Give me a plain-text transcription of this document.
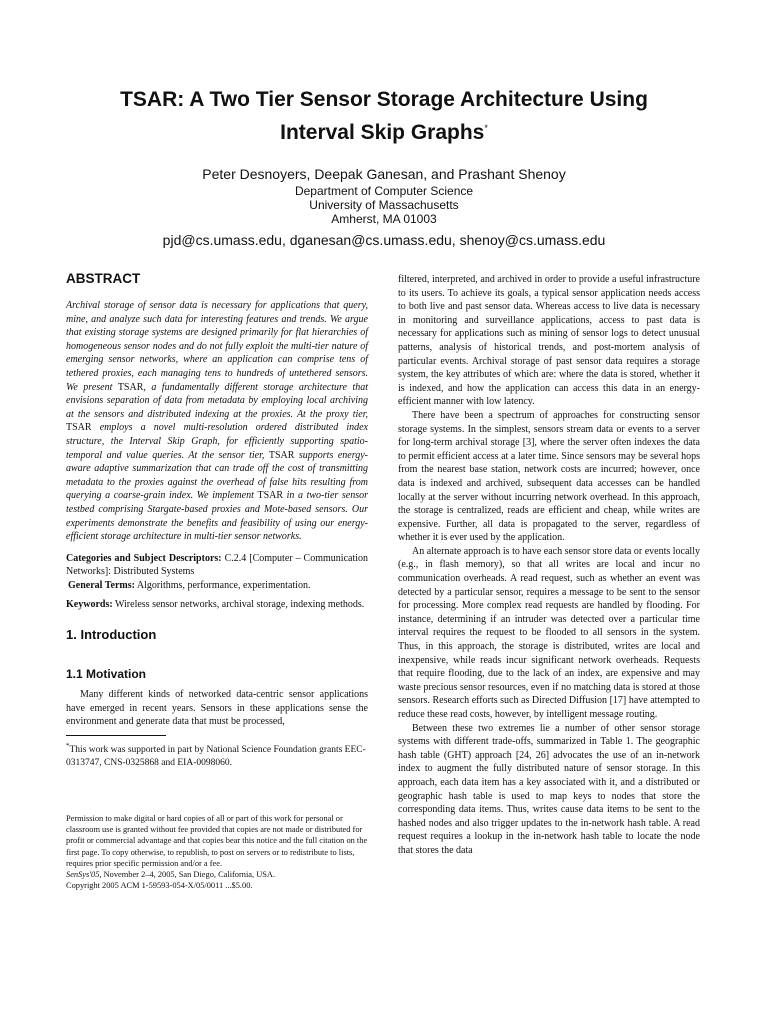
TSAR: A Two Tier Sensor Storage Architecture Using
Interval Skip Graphs*
Peter Desnoyers, Deepak Ganesan, and Prashant Shenoy
Department of Computer Science
University of Massachusetts
Amherst, MA 01003
pjd@cs.umass.edu, dganesan@cs.umass.edu, shenoy@cs.umass.edu
ABSTRACT

Archival storage of sensor data is necessary for applications that query, mine, and analyze such data for interesting features and trends. We argue that existing storage systems are designed primarily for flat hierarchies of homogeneous sensor nodes and do not fully exploit the multi-tier nature of emerging sensor networks, where an application can comprise tens of tethered proxies, each managing tens to hundreds of untethered sensors. We present TSAR, a fundamentally different storage architecture that envisions separation of data from metadata by employing local archiving at the sensors and distributed indexing at the proxies. At the proxy tier, TSAR employs a novel multi-resolution ordered distributed index structure, the Interval Skip Graph, for efficiently supporting spatio-temporal and value queries. At the sensor tier, TSAR supports energy-aware adaptive summarization that can trade off the cost of transmitting metadata to the proxies against the overhead of false hits resulting from querying a coarse-grain index. We implement TSAR in a two-tier sensor testbed comprising Stargate-based proxies and Mote-based sensors. Our experiments demonstrate the benefits and feasibility of using our energy-efficient storage architecture in multi-tier sensor networks.

Categories and Subject Descriptors: C.2.4 [Computer – Communication Networks]: Distributed Systems

General Terms: Algorithms, performance, experimentation.

Keywords: Wireless sensor networks, archival storage, indexing methods.

1. Introduction
1.1 Motivation

Many different kinds of networked data-centric sensor applications have emerged in recent years. Sensors in these applications sense the environment and generate data that must be processed,

*This work was supported in part by National Science Foundation grants EEC-0313747, CNS-0325868 and EIA-0098060.

Permission to make digital or hard copies of all or part of this work for personal or classroom use is granted without fee provided that copies are not made or distributed for profit or commercial advantage and that copies bear this notice and the full citation on the first page. To copy otherwise, to republish, to post on servers or to redistribute to lists, requires prior specific permission and/or a fee.
SenSys'05, November 2–4, 2005, San Diego, California, USA.
Copyright 2005 ACM 1-59593-054-X/05/0011 ...$5.00.

filtered, interpreted, and archived in order to provide a useful infrastructure to its users. To achieve its goals, a typical sensor application needs access to both live and past sensor data. Whereas access to live data is necessary in monitoring and surveillance applications, access to past data is necessary for applications such as mining of sensor logs to detect unusual patterns, analysis of historical trends, and post-mortem analysis of particular events. Archival storage of past sensor data requires a storage system, the key attributes of which are: where the data is stored, whether it is indexed, and how the application can access this data in an energy-efficient manner with low latency.

There have been a spectrum of approaches for constructing sensor storage systems. In the simplest, sensors stream data or events to a server for long-term archival storage [3], where the server often indexes the data to permit efficient access at a later time. Since sensors may be several hops from the nearest base station, network costs are incurred; however, once data is indexed and archived, subsequent data accesses can be handled locally at the server without incurring network overhead. In this approach, the storage is centralized, reads are efficient and cheap, while writes are expensive. Further, all data is propagated to the server, regardless of whether it is ever used by the application.

An alternate approach is to have each sensor store data or events locally (e.g., in flash memory), so that all writes are local and incur no communication overheads. A read request, such as whether an event was detected by a particular sensor, requires a message to be sent to the sensor for processing. More complex read requests are handled by flooding. For instance, determining if an intruder was detected over a particular time interval requires the request to be flooded to all sensors in the system. Thus, in this approach, the storage is distributed, writes are local and inexpensive, while reads incur significant network overheads. Requests that require flooding, due to the lack of an index, are expensive and may waste precious sensor resources, even if no matching data is stored at those sensors. Research efforts such as Directed Diffusion [17] have attempted to reduce these read costs, however, by intelligent message routing.

Between these two extremes lie a number of other sensor storage systems with different trade-offs, summarized in Table 1. The geographic hash table (GHT) approach [24, 26] advocates the use of an in-network index to augment the fully distributed nature of sensor storage. In this approach, each data item has a key associated with it, and a distributed or geographic hash table is used to map keys to nodes that store the corresponding data items. Thus, writes cause data items to be sent to the hashed nodes and also trigger updates to the in-network hash table. A read request requires a lookup in the in-network hash table to locate the node that stores the data
